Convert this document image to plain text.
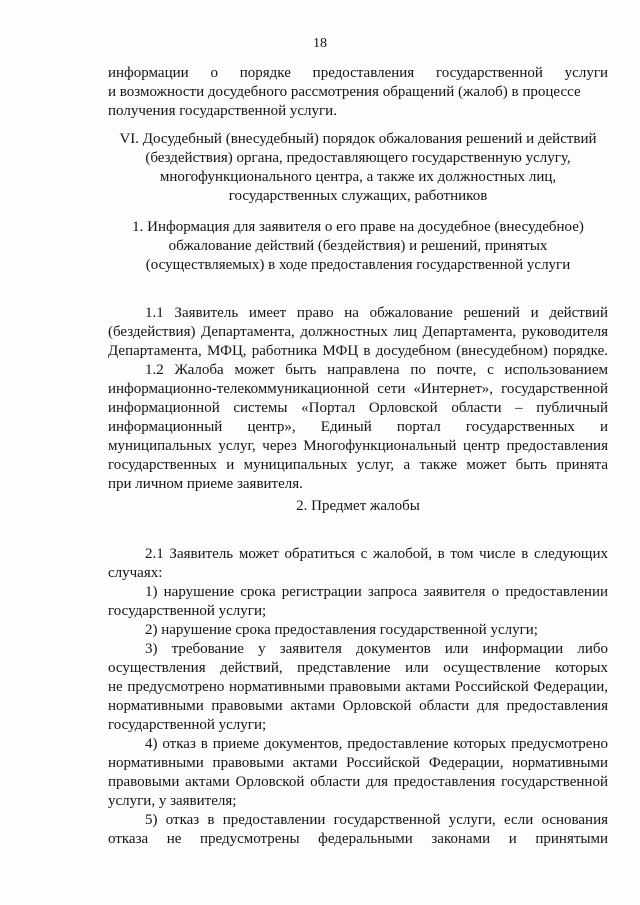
18
информации о порядке предоставления государственной услуги
и возможности досудебного рассмотрения обращений (жалоб) в процессе
получения государственной услуги.
VI. Досудебный (внесудебный) порядок обжалования решений и действий
(бездействия) органа, предоставляющего государственную услугу,
многофункционального центра, а также их должностных лиц,
государственных служащих, работников
1. Информация для заявителя о его праве на досудебное (внесудебное)
обжалование действий (бездействия) и решений, принятых
(осуществляемых) в ходе предоставления государственной услуги
1.1 Заявитель имеет право на обжалование решений и действий
(бездействия) Департамента, должностных лиц Департамента, руководителя
Департамента, МФЦ, работника МФЦ в досудебном (внесудебном) порядке.
1.2 Жалоба может быть направлена по почте, с использованием
информационно-телекоммуникационной сети «Интернет», государственной
информационной системы «Портал Орловской области – публичный
информационный центр», Единый портал государственных и
муниципальных услуг, через Многофункциональный центр предоставления
государственных и муниципальных услуг, а также может быть принята
при личном приеме заявителя.
2. Предмет жалобы
2.1 Заявитель может обратиться с жалобой, в том числе в следующих
случаях:
1) нарушение срока регистрации запроса заявителя о предоставлении
государственной услуги;
2) нарушение срока предоставления государственной услуги;
3) требование у заявителя документов или информации либо
осуществления действий, представление или осуществление которых
не предусмотрено нормативными правовыми актами Российской Федерации,
нормативными правовыми актами Орловской области для предоставления
государственной услуги;
4) отказ в приеме документов, предоставление которых предусмотрено
нормативными правовыми актами Российской Федерации, нормативными
правовыми актами Орловской области для предоставления государственной
услуги, у заявителя;
5) отказ в предоставлении государственной услуги, если основания
отказа не предусмотрены федеральными законами и принятыми
